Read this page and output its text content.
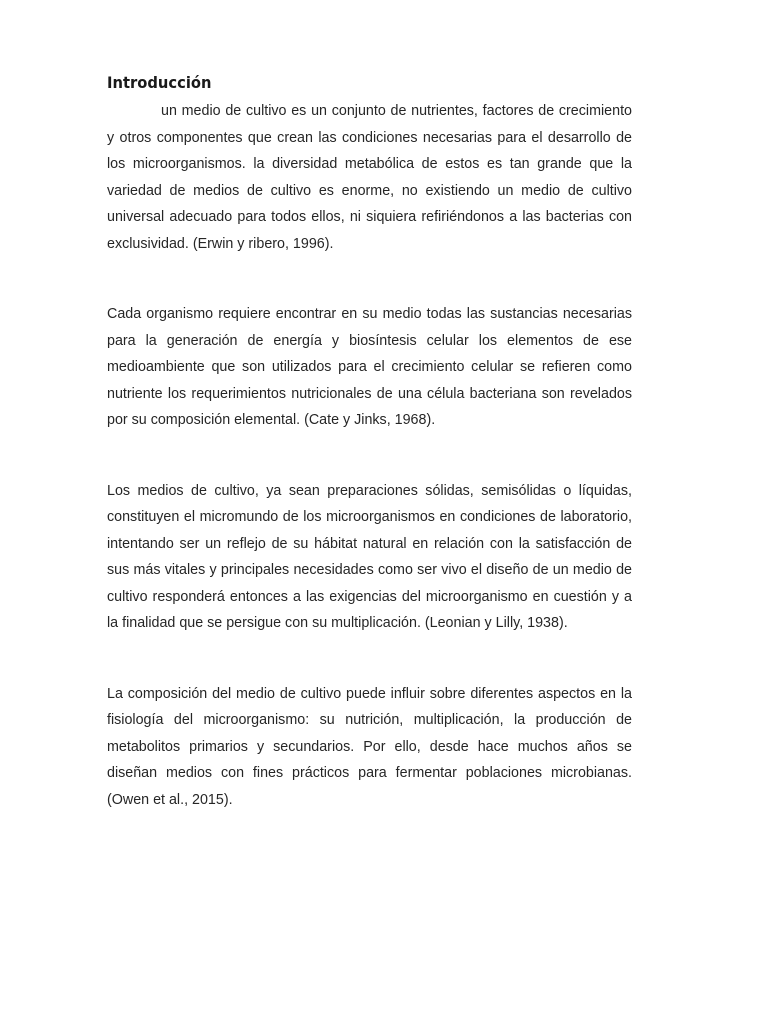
Introducción

un medio de cultivo es un conjunto de nutrientes, factores de crecimiento y otros componentes que crean las condiciones necesarias para el desarrollo de los microorganismos. la diversidad metabólica de estos es tan grande que la variedad de medios de cultivo es enorme, no existiendo un medio de cultivo universal adecuado para todos ellos, ni siquiera refiriéndonos a las bacterias con exclusividad. (Erwin y ribero, 1996).

Cada organismo requiere encontrar en su medio todas las sustancias necesarias para la generación de energía y biosíntesis celular los elementos de ese medioambiente que son utilizados para el crecimiento celular se refieren como nutriente los requerimientos nutricionales de una célula bacteriana son revelados por su composición elemental. (Cate y Jinks, 1968).

Los medios de cultivo, ya sean preparaciones sólidas, semisólidas o líquidas, constituyen el micromundo de los microorganismos en condiciones de laboratorio, intentando ser un reflejo de su hábitat natural en relación con la satisfacción de sus más vitales y principales necesidades como ser vivo el diseño de un medio de cultivo responderá entonces a las exigencias del microorganismo en cuestión y a la finalidad que se persigue con su multiplicación. (Leonian y Lilly, 1938).

La composición del medio de cultivo puede influir sobre diferentes aspectos en la fisiología del microorganismo: su nutrición, multiplicación, la producción de metabolitos primarios y secundarios. Por ello, desde hace muchos años se diseñan medios con fines prácticos para fermentar poblaciones microbianas. (Owen et al., 2015).
